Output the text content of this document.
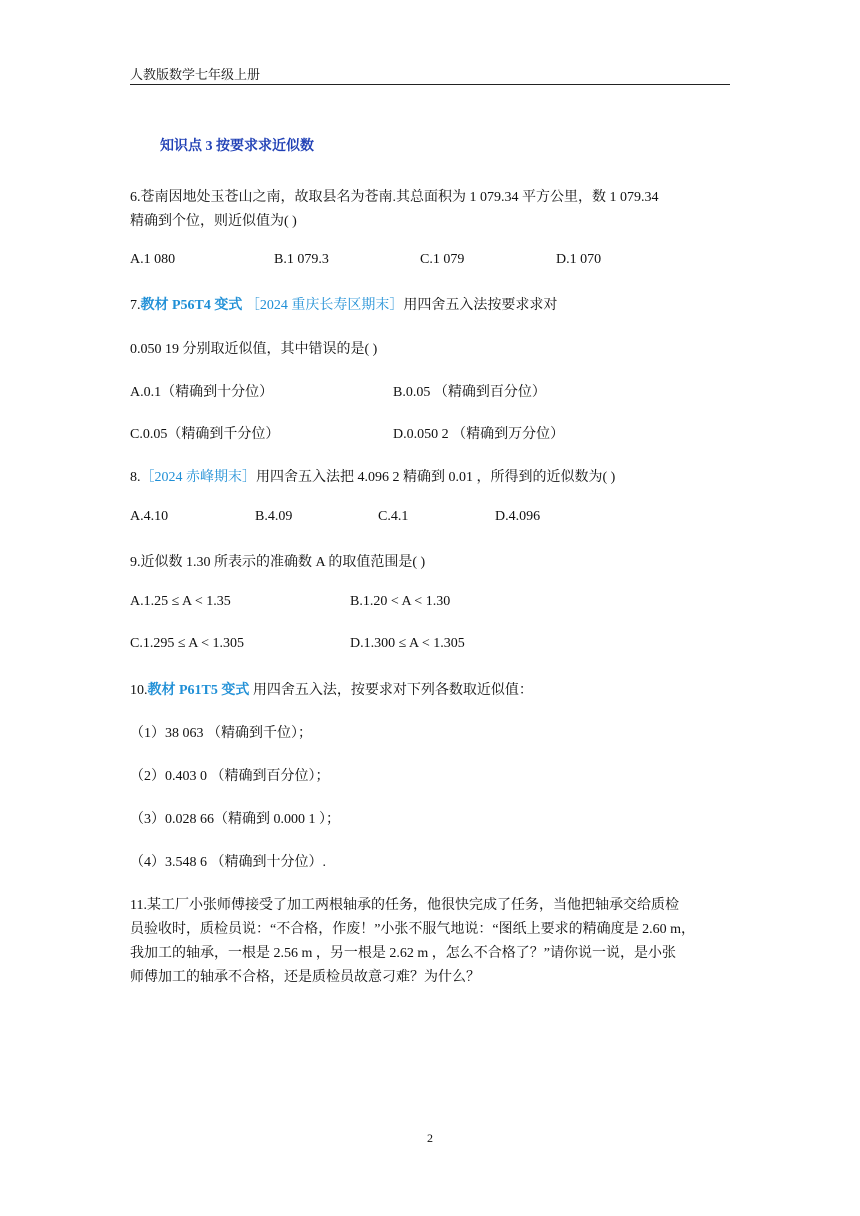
人教版数学七年级上册
知识点 3 按要求求近似数
6.苍南因地处玉苍山之南，故取县名为苍南.其总面积为 1 079.34 平方公里，数 1 079.34
精确到个位，则近似值为( )
A.1 080	B.1 079.3	C.1 079	D.1 070
7.教材 P56T4 变式 ［2024 重庆长寿区期末］用四舍五入法按要求求对
0.050 19 分别取近似值，其中错误的是( )
A.0.1（精确到十分位）	B.0.05 （精确到百分位）
C.0.05（精确到千分位）	D.0.050 2 （精确到万分位）
8.［2024 赤峰期末］用四舍五入法把 4.096 2 精确到 0.01 ，所得到的近似数为( )
A.4.10	B.4.09	C.4.1	D.4.096
9.近似数 1.30 所表示的准确数 A 的取值范围是( )
A.1.25 ≤ A < 1.35	B.1.20 < A < 1.30
C.1.295 ≤ A < 1.305	D.1.300 ≤ A < 1.305
10.教材 P61T5 变式 用四舍五入法，按要求对下列各数取近似值：
（1）38 063 （精确到千位）；
（2）0.403 0 （精确到百分位）；
（3）0.028 66（精确到 0.000 1 ）；
（4）3.548 6 （精确到十分位）.
11.某工厂小张师傅接受了加工两根轴承的任务，他很快完成了任务，当他把轴承交给质检
员验收时，质检员说：“不合格，作废！”小张不服气地说：“图纸上要求的精确度是 2.60 m，
我加工的轴承，一根是 2.56 m ，另一根是 2.62 m ，怎么不合格了？”请你说一说，是小张
师傅加工的轴承不合格，还是质检员故意刁难？为什么？
2
